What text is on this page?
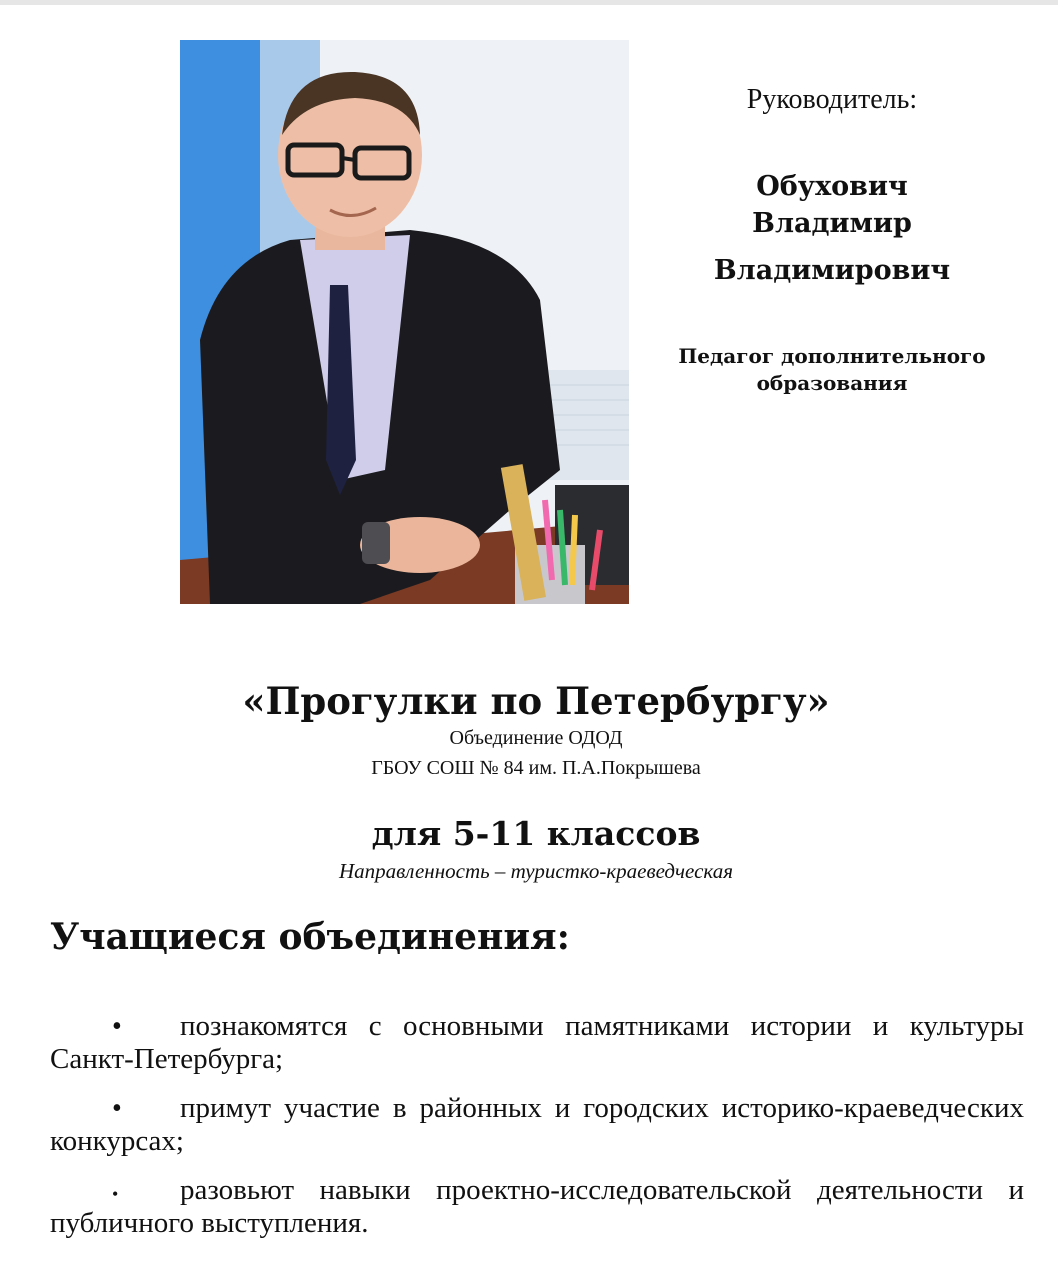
Руководитель:
Обухович
Владимир
Владимирович
Педагог дополнительного
образования
«Прогулки по Петербургу»
Объединение ОДОД
ГБОУ СОШ № 84 им. П.А.Покрышева
для 5-11 классов
Направленность – туристко-краеведческая
Учащиеся объединения:
• познакомятся с основными памятниками истории и культуры Санкт-Петербурга;
• примут участие в районных и городских историко-краеведческих конкурсах;
• разовьют навыки проектно-исследовательской деятельности и публичного выступления.
